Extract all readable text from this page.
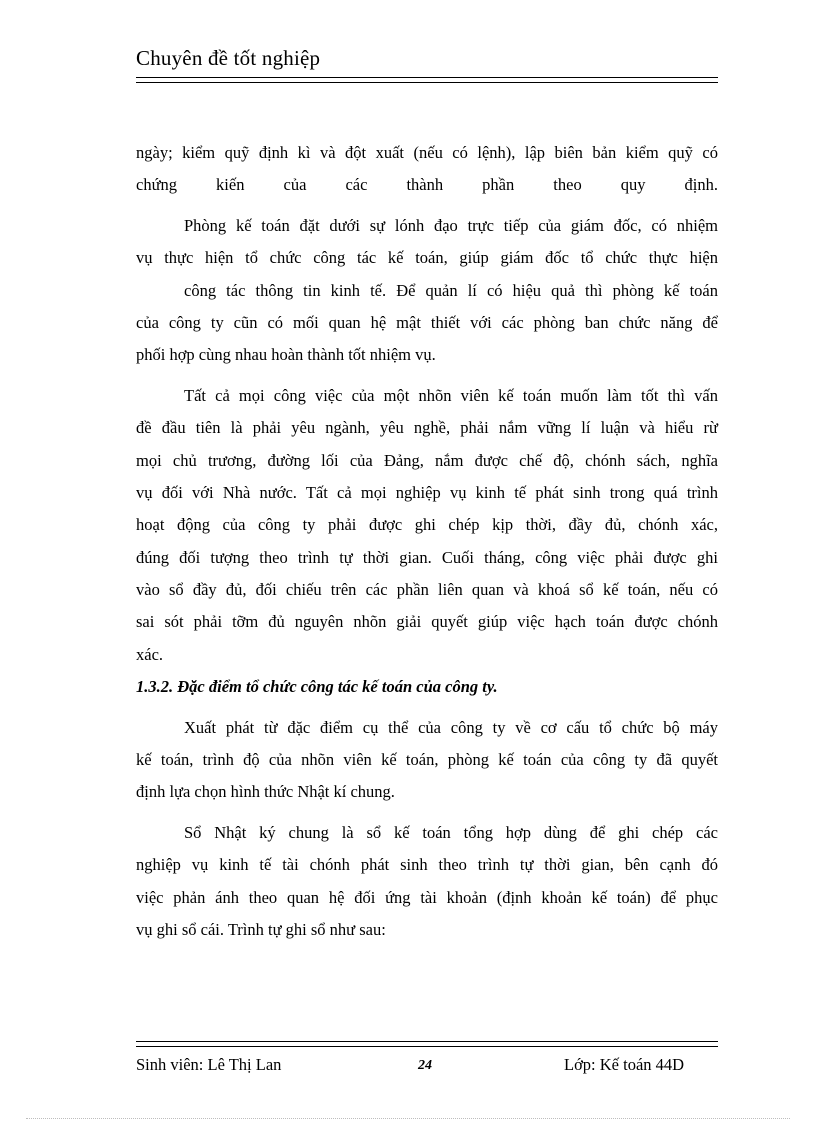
Chuyên đề tốt nghiệp
ngày; kiểm quỹ định kì và đột xuất (nếu có lệnh), lập biên bản kiểm quỹ có
chứng kiến của các thành phần theo quy định.
Phòng kế toán đặt dưới sự lónh đạo trực tiếp của giám đốc, có nhiệm
vụ thực hiện tổ chức công tác kế toán, giúp giám đốc tổ chức thực hiện
công tác thông tin kinh tế. Để quản lí có hiệu quả thì phòng kế toán
của công ty cũn có mối quan hệ mật thiết với các phòng ban chức năng để
phối hợp cùng nhau hoàn thành tốt nhiệm vụ.
Tất cả mọi công việc của một nhõn viên kế toán muốn làm tốt thì vấn
đề đầu tiên là phải yêu ngành, yêu nghề, phải nắm vững lí luận và hiểu rừ
mọi chủ trương, đường lối của Đảng, nắm được chế độ, chónh sách, nghĩa
vụ đối với Nhà nước. Tất cả mọi nghiệp vụ kinh tế phát sinh trong quá trình
hoạt động của công ty phải được ghi chép kịp thời, đầy đủ, chónh xác,
đúng đối tượng theo trình tự thời gian. Cuối tháng, công việc phải được ghi
vào sổ đầy đủ, đối chiếu trên các phần liên quan và khoá sổ kế toán, nếu có
sai sót phải tỡm đủ nguyên nhõn giải quyết giúp việc hạch toán được chónh
xác.
1.3.2. Đặc điểm tổ chức công tác kế toán của công ty.
Xuất phát từ đặc điểm cụ thể của công ty về cơ cấu tổ chức bộ máy
kế toán, trình độ của nhõn viên kế toán, phòng kế toán của công ty đã quyết
định lựa chọn hình thức Nhật kí chung.
Sổ Nhật ký chung là sổ kế toán tổng hợp dùng để ghi chép các
nghiệp vụ kinh tế tài chónh phát sinh theo trình tự thời gian, bên cạnh đó
việc phản ánh theo quan hệ đối ứng tài khoản (định khoản kế toán) để phục
vụ ghi sổ cái. Trình tự ghi sổ như sau:
Sinh viên: Lê Thị Lan	24	Lớp: Kế toán 44D
